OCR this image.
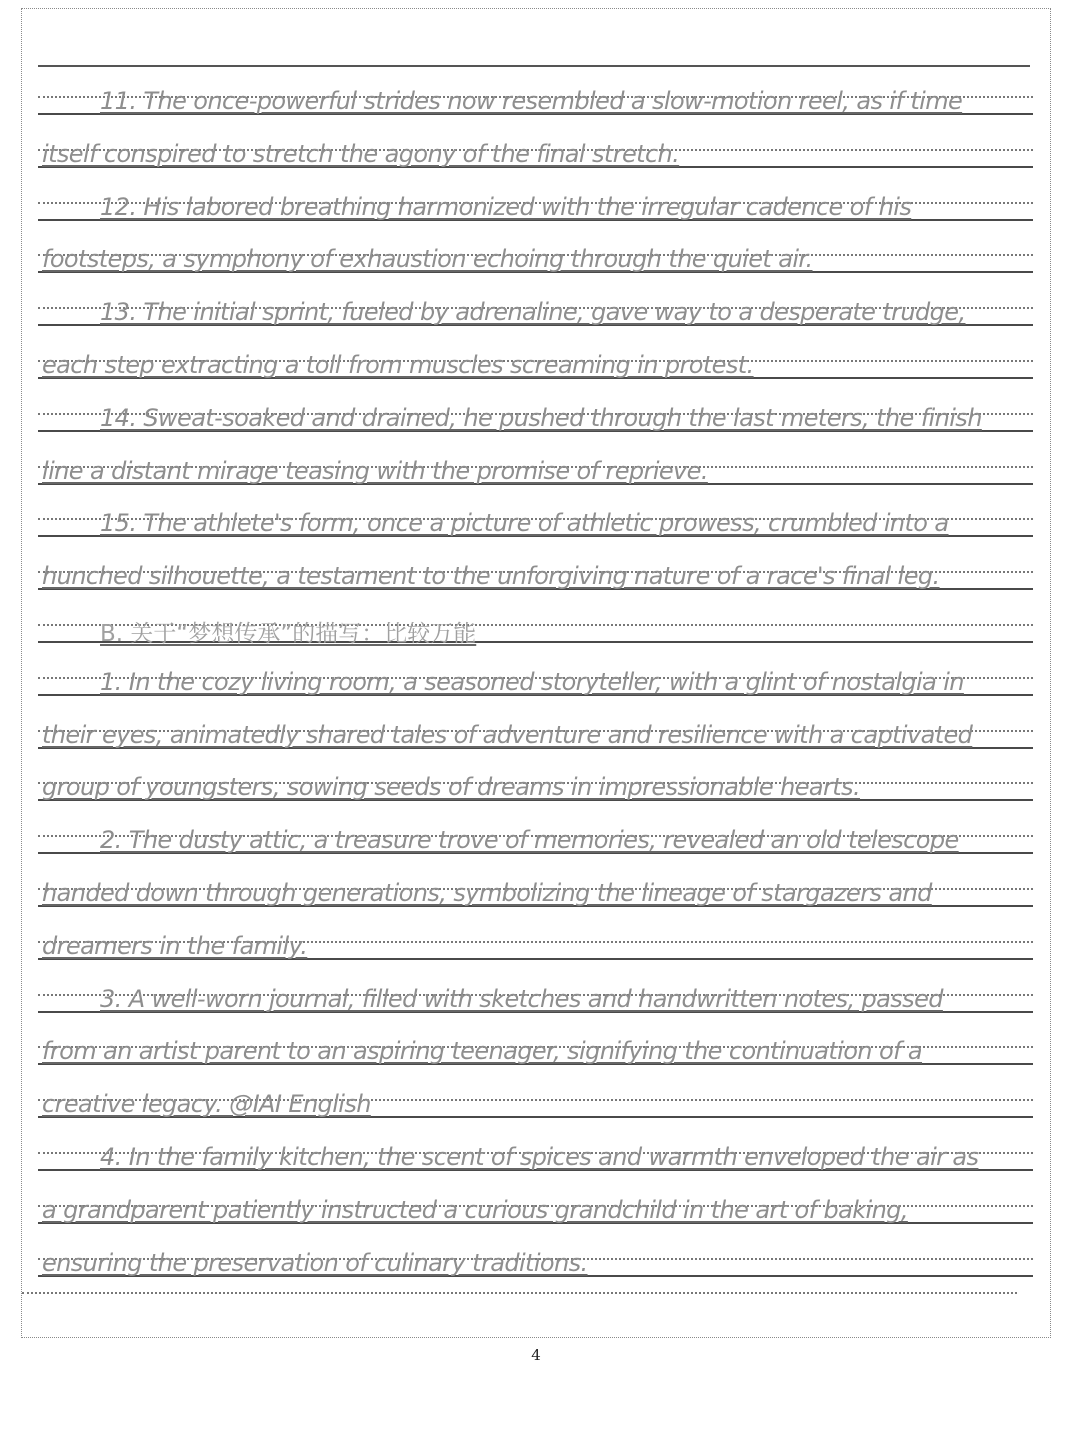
11. The once-powerful strides now resembled a slow-motion reel, as if time
itself conspired to stretch the agony of the final stretch.
12. His labored breathing harmonized with the irregular cadence of his
footsteps, a symphony of exhaustion echoing through the quiet air.
13. The initial sprint, fueled by adrenaline, gave way to a desperate trudge,
each step extracting a toll from muscles screaming in protest.
14. Sweat-soaked and drained, he pushed through the last meters, the finish
line a distant mirage teasing with the promise of reprieve.
15. The athlete's form, once a picture of athletic prowess, crumbled into a
hunched silhouette, a testament to the unforgiving nature of a race's final leg.
B. 关于“梦想传承”的描写：比较万能
1. In the cozy living room, a seasoned storyteller, with a glint of nostalgia in
their eyes, animatedly shared tales of adventure and resilience with a captivated
group of youngsters, sowing seeds of dreams in impressionable hearts.
2. The dusty attic, a treasure trove of memories, revealed an old telescope
handed down through generations, symbolizing the lineage of stargazers and
dreamers in the family.
3. A well-worn journal, filled with sketches and handwritten notes, passed
from an artist parent to an aspiring teenager, signifying the continuation of a
creative legacy. @IAI English
4. In the family kitchen, the scent of spices and warmth enveloped the air as
a grandparent patiently instructed a curious grandchild in the art of baking,
ensuring the preservation of culinary traditions.
4
